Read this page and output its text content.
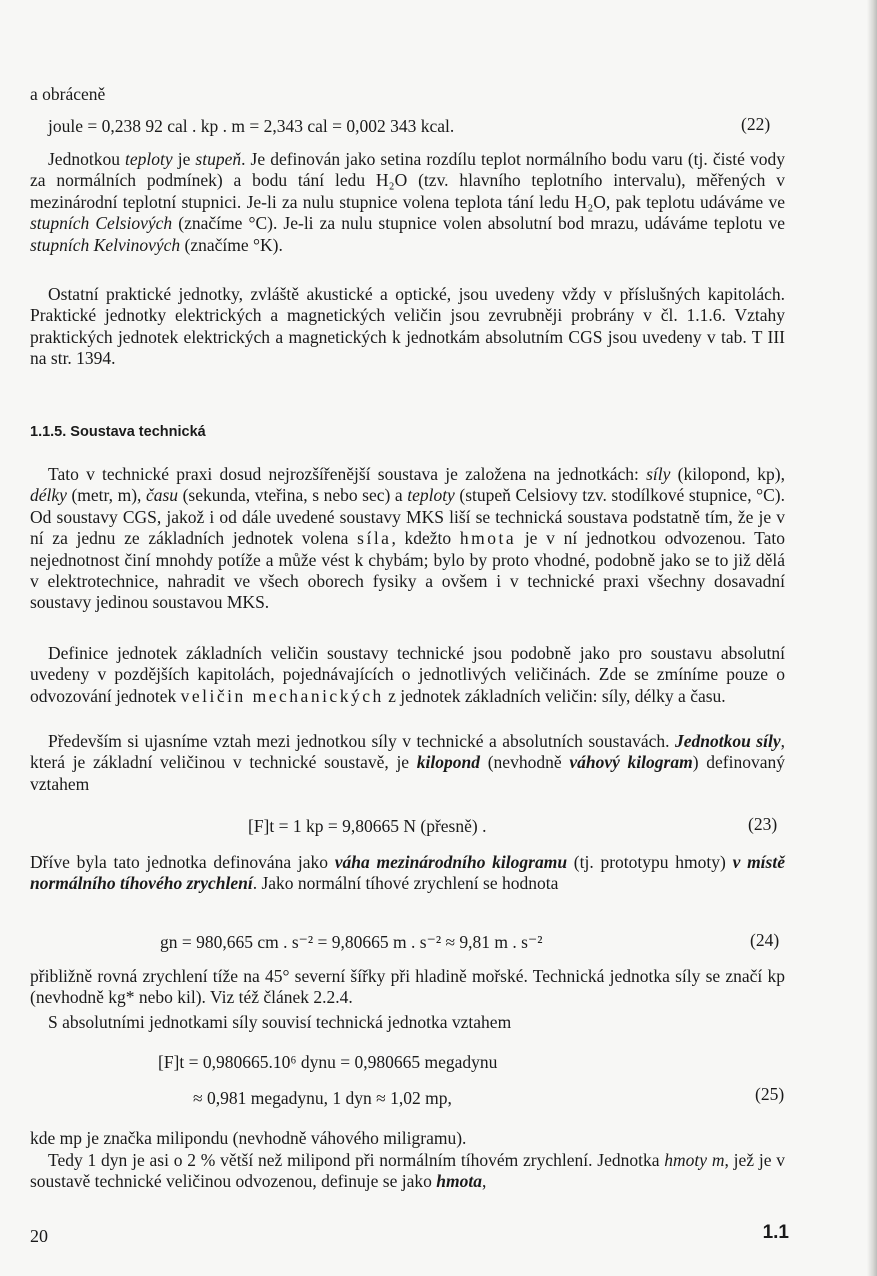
a obráceně
joule = 0,238 92 cal . kp . m = 2,343 cal = 0,002 343 kcal.	(22)
Jednotkou teploty je stupeň. Je definován jako setina rozdílu teplot normálního bodu varu (tj. čisté vody za normálních podmínek) a bodu tání ledu H₂O (tzv. hlavního teplotního intervalu), měřených v mezinárodní teplotní stupnici. Je-li za nulu stupnice volena teplota tání ledu H₂O, pak teplotu udáváme ve stupních Celsiových (značíme °C). Je-li za nulu stupnice volen absolutní bod mrazu, udáváme teplotu ve stupních Kelvinových (značíme °K).
Ostatní praktické jednotky, zvláště akustické a optické, jsou uvedeny vždy v příslušných kapitolách. Praktické jednotky elektrických a magnetických veličin jsou zevrubněji probrány v čl. 1.1.6. Vztahy praktických jednotek elektrických a magnetických k jednotkám absolutním CGS jsou uvedeny v tab. T III na str. 1394.
1.1.5. Soustava technická
Tato v technické praxi dosud nejrozšířenější soustava je založena na jednotkách: síly (kilopond, kp), délky (metr, m), času (sekunda, vteřina, s nebo sec) a teploty (stupeň Celsiovy tzv. stodílkové stupnice, °C). Od soustavy CGS, jakož i od dále uvedené soustavy MKS liší se technická soustava podstatně tím, že je v ní za jednu ze základních jednotek volena síla, kdežto hmota je v ní jednotkou odvozenou. Tato nejednotnost činí mnohdy potíže a může vést k chybám; bylo by proto vhodné, podobně jako se to již dělá v elektrotechnice, nahradit ve všech oborech fysiky a ovšem i v technické praxi všechny dosavadní soustavy jedinou soustavou MKS.
Definice jednotek základních veličin soustavy technické jsou podobně jako pro soustavu absolutní uvedeny v pozdějších kapitolách, pojednávajících o jednotlivých veličinách. Zde se zmíníme pouze o odvozování jednotek veličin mechanických z jednotek základních veličin: síly, délky a času.
Především si ujasníme vztah mezi jednotkou síly v technické a absolutních soustavách. Jednotkou síly, která je základní veličinou v technické soustavě, je kilopond (nevhodně váhový kilogram) definovaný vztahem
[F]t = 1 kp = 9,80665 N (přesně) .	(23)
Dříve byla tato jednotka definována jako váha mezinárodního kilogramu (tj. prototypu hmoty) v místě normálního tíhového zrychlení. Jako normální tíhové zrychlení se hodnota
gn = 980,665 cm . s⁻² = 9,80665 m . s⁻² ≈ 9,81 m . s⁻²	(24)
přibližně rovná zrychlení tíže na 45° severní šířky při hladině mořské. Technická jednotka síly se značí kp (nevhodně kg* nebo kil). Viz též článek 2.2.4.
S absolutními jednotkami síly souvisí technická jednotka vztahem
[F]t = 0,980665.10⁶ dynu = 0,980665 megadynu
≈ 0,981 megadynu, 1 dyn ≈ 1,02 mp,	(25)
kde mp je značka milipondu (nevhodně váhového miligramu).
Tedy 1 dyn je asi o 2 % větší než milipond při normálním tíhovém zrychlení. Jednotka hmoty m, jež je v soustavě technické veličinou odvozenou, definuje se jako hmota,
20	1.1
